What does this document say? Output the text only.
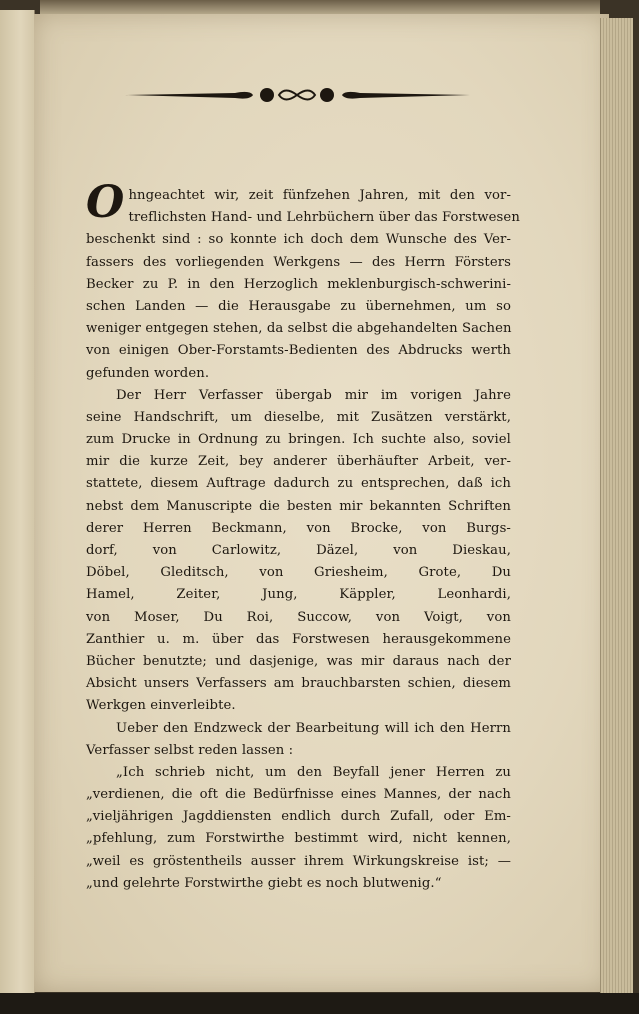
O hngeachtet wir, zeit fünfzehen Jahren, mit den vor-
treflichsten Hand- und Lehrbüchern über das Forstwesen
beschenkt sind : so konnte ich doch dem Wunsche des Ver-
fassers des vorliegenden Werkgens — des Herrn Försters
Becker zu P. in den Herzoglich meklenburgisch-schwerini-
schen Landen — die Herausgabe zu übernehmen, um so
weniger entgegen stehen, da selbst die abgehandelten Sachen
von einigen Ober-Forstamts-Bedienten des Abdrucks werth
gefunden worden.
Der Herr Verfasser übergab mir im vorigen Jahre
seine Handschrift, um dieselbe, mit Zusätzen verstärkt,
zum Drucke in Ordnung zu bringen. Ich suchte also, soviel
mir die kurze Zeit, bey anderer überhäufter Arbeit, ver-
stattete, diesem Auftrage dadurch zu entsprechen, daß ich
nebst dem Manuscripte die besten mir bekannten Schriften
derer Herren Beckmann, von Brocke, von Burgs-
dorf, von Carlowitz, Däzel, von Dieskau,
Döbel, Gleditsch, von Griesheim, Grote, Du
Hamel, Zeiter, Jung, Käppler, Leonhardi,
von Moser, Du Roi, Succow, von Voigt, von
Zanthier u. m. über das Forstwesen herausgekommene
Bücher benutzte; und dasjenige, was mir daraus nach der
Absicht unsers Verfassers am brauchbarsten schien, diesem
Werkgen einverleibte.
Ueber den Endzweck der Bearbeitung will ich den Herrn
Verfasser selbst reden lassen :
„Ich schrieb nicht, um den Beyfall jener Herren zu
„verdienen, die oft die Bedürfnisse eines Mannes, der nach
„vieljährigen Jagddiensten endlich durch Zufall, oder Em-
„pfehlung, zum Forstwirthe bestimmt wird, nicht kennen,
„weil es gröstentheils ausser ihrem Wirkungskreise ist; —
„und gelehrte Forstwirthe giebt es noch blutwenig.“
